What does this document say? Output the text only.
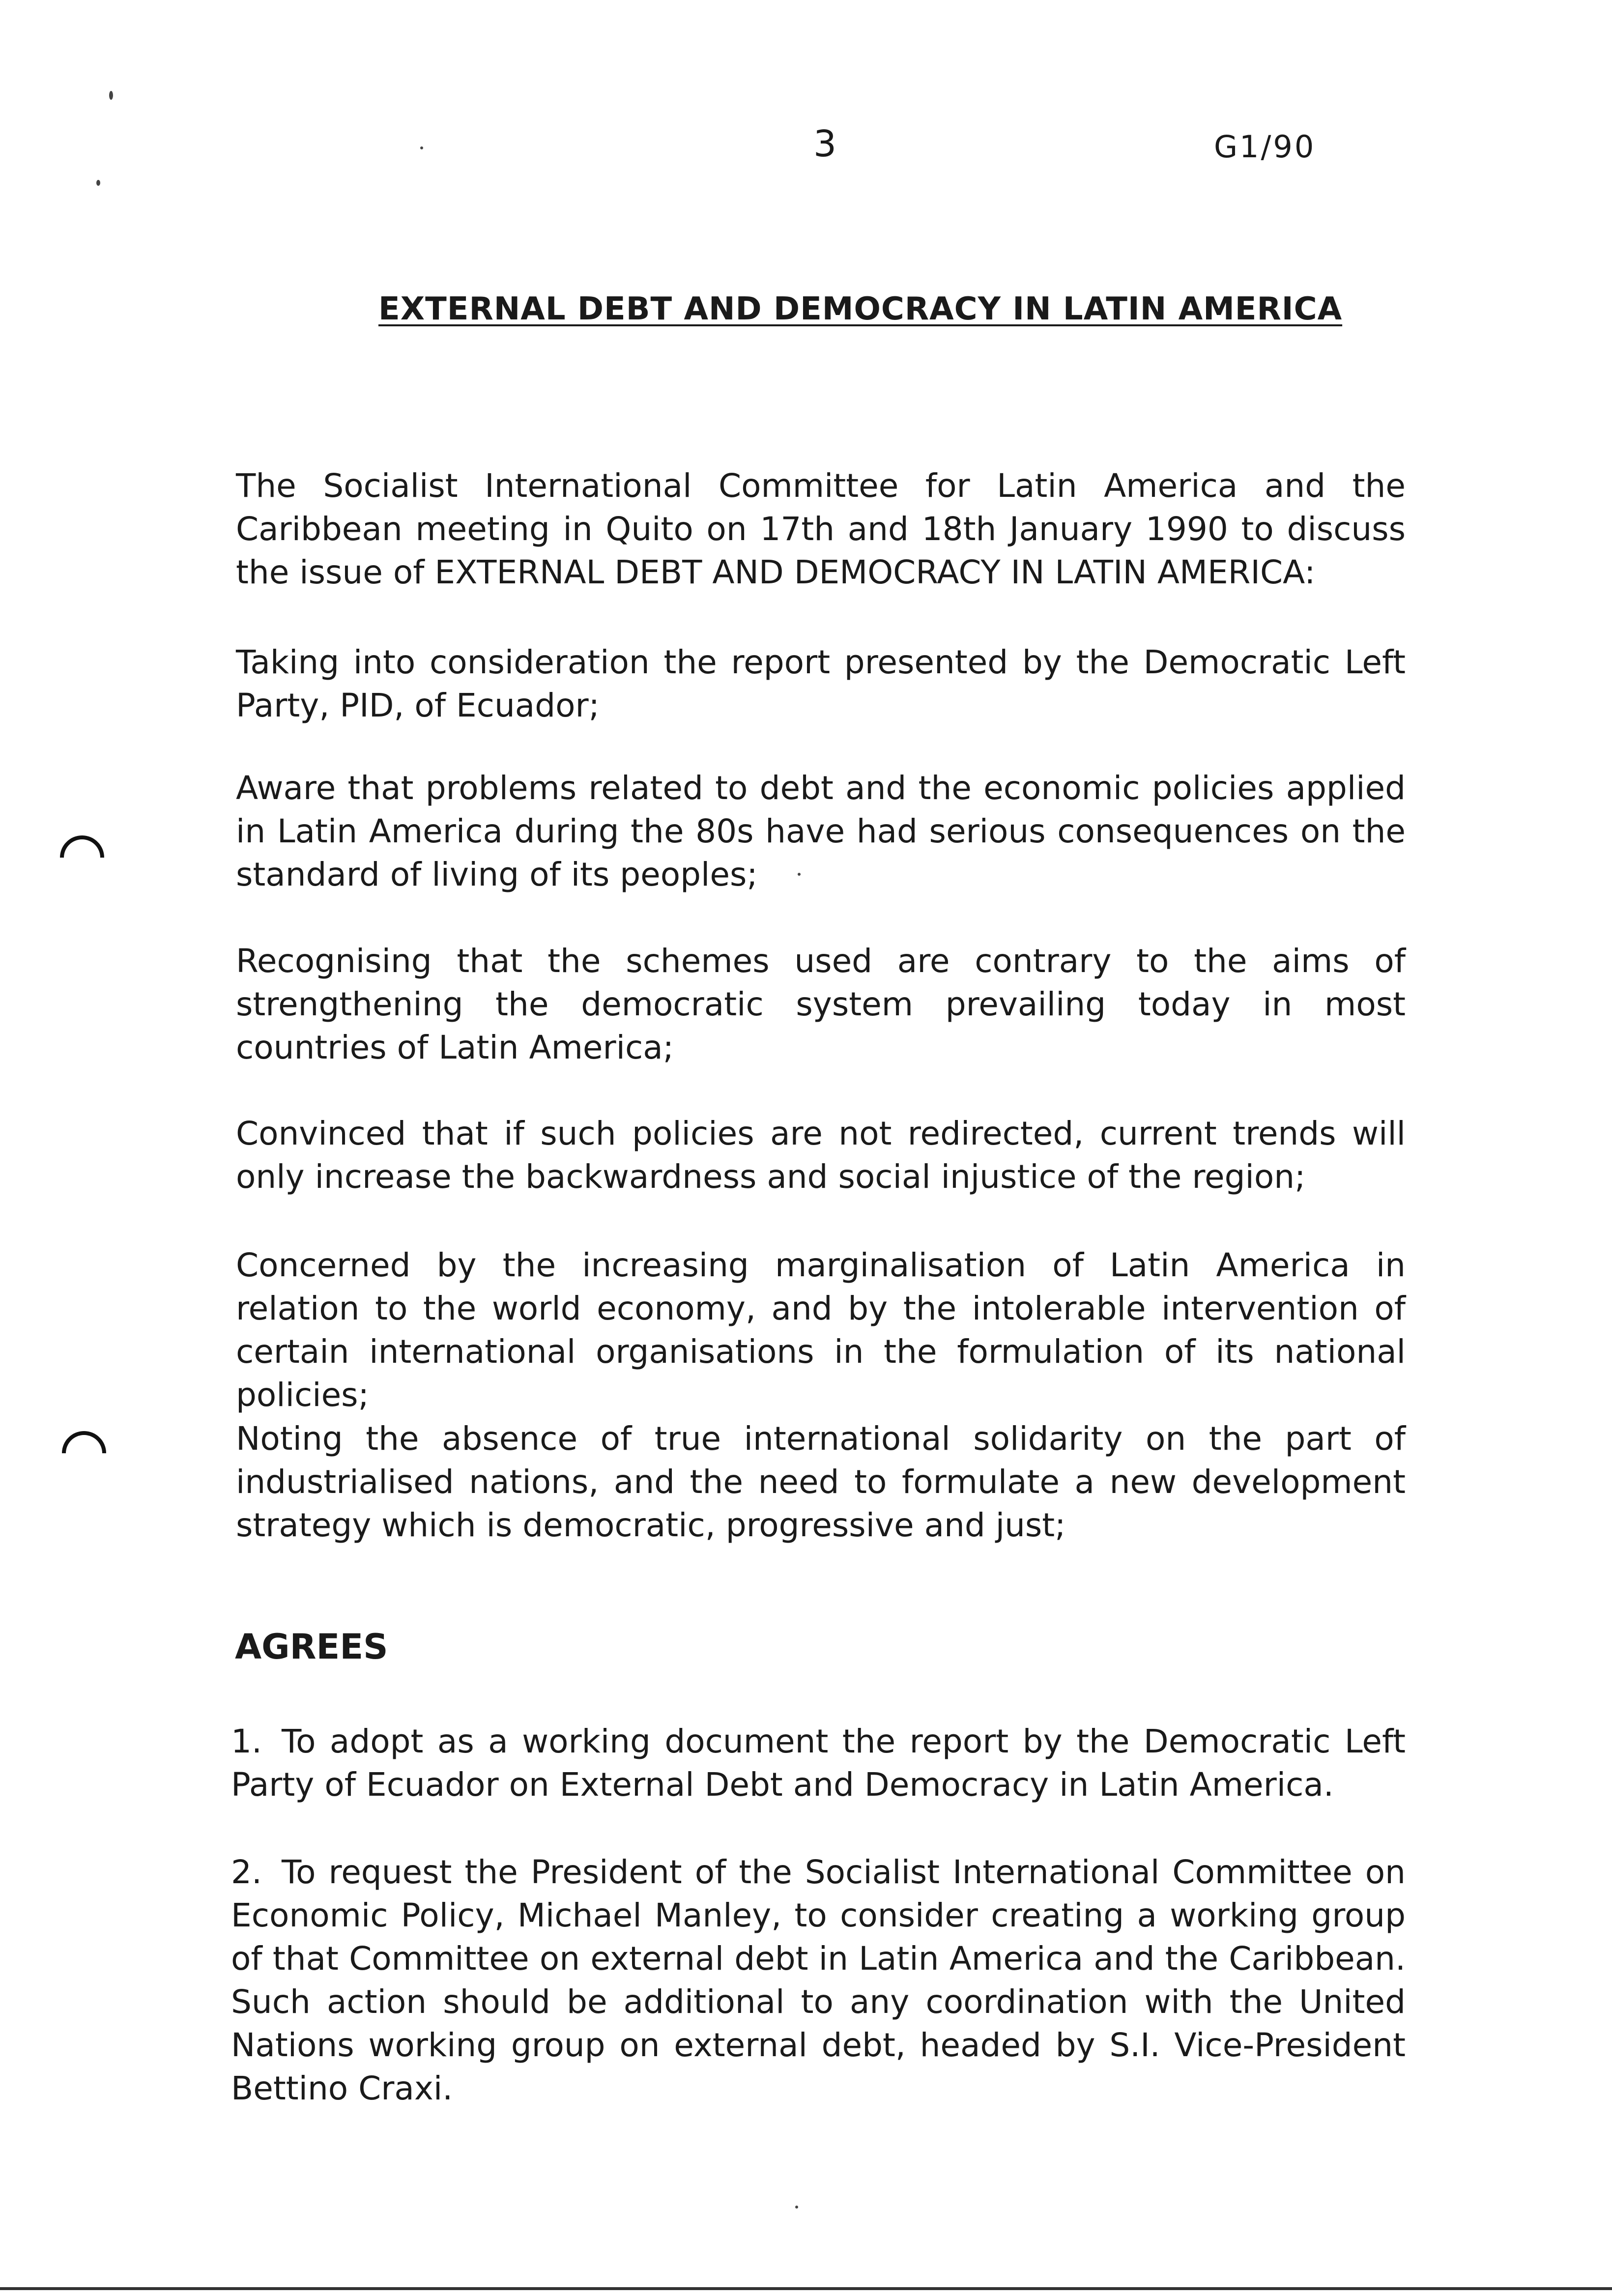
3	G1/90
EXTERNAL DEBT AND DEMOCRACY IN LATIN AMERICA

The Socialist International Committee for Latin America and the Caribbean meeting in Quito on 17th and 18th January 1990 to discuss the issue of EXTERNAL DEBT AND DEMOCRACY IN LATIN AMERICA:

Taking into consideration the report presented by the Democratic Left Party, PID, of Ecuador;

Aware that problems related to debt and the economic policies applied in Latin America during the 80s have had serious consequences on the standard of living of its peoples;

Recognising that the schemes used are contrary to the aims of strengthening the democratic system prevailing today in most countries of Latin America;

Convinced that if such policies are not redirected, current trends will only increase the backwardness and social injustice of the region;

Concerned by the increasing marginalisation of Latin America in relation to the world economy, and by the intolerable intervention of certain international organisations in the formulation of its national policies;

Noting the absence of true international solidarity on the part of industrialised nations, and the need to formulate a new development strategy which is democratic, progressive and just;

AGREES

1. To adopt as a working document the report by the Democratic Left Party of Ecuador on External Debt and Democracy in Latin America.

2. To request the President of the Socialist International Committee on Economic Policy, Michael Manley, to consider creating a working group of that Committee on external debt in Latin America and the Caribbean. Such action should be additional to any coordination with the United Nations working group on external debt, headed by S.I. Vice-President Bettino Craxi.
